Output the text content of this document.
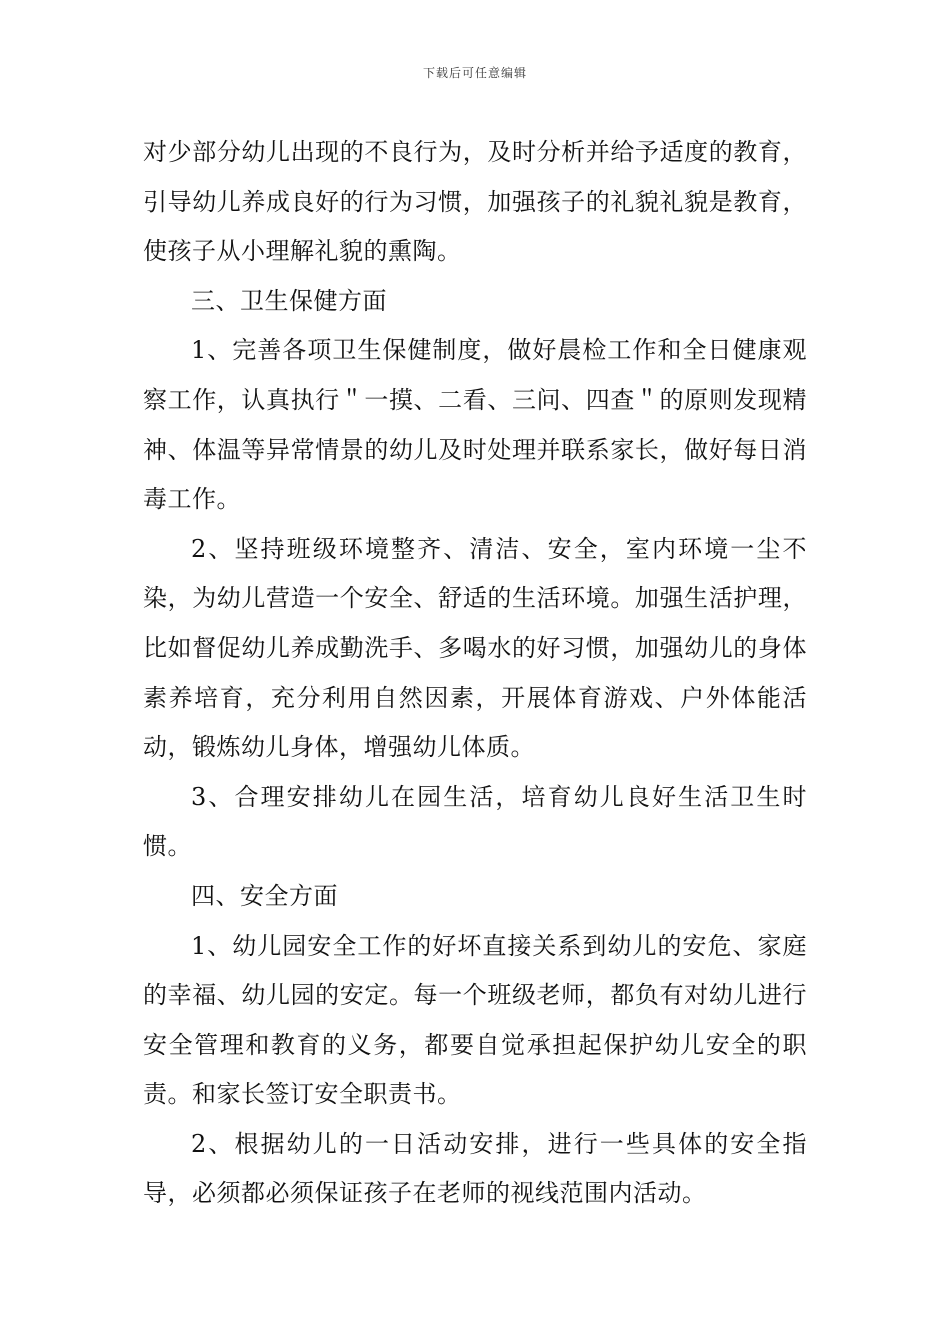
下载后可任意编辑

对少部分幼儿出现的不良行为，及时分析并给予适度的教育，引导幼儿养成良好的行为习惯，加强孩子的礼貌礼貌是教育，使孩子从小理解礼貌的熏陶。

三、卫生保健方面

1、完善各项卫生保健制度，做好晨检工作和全日健康观察工作，认真执行＂一摸、二看、三问、四查＂的原则发现精神、体温等异常情景的幼儿及时处理并联系家长，做好每日消毒工作。

2、坚持班级环境整齐、清洁、安全，室内环境一尘不染，为幼儿营造一个安全、舒适的生活环境。加强生活护理，比如督促幼儿养成勤洗手、多喝水的好习惯，加强幼儿的身体素养培育，充分利用自然因素，开展体育游戏、户外体能活动，锻炼幼儿身体，增强幼儿体质。

3、合理安排幼儿在园生活，培育幼儿良好生活卫生时惯。

四、安全方面

1、幼儿园安全工作的好坏直接关系到幼儿的安危、家庭的幸福、幼儿园的安定。每一个班级老师，都负有对幼儿进行安全管理和教育的义务，都要自觉承担起保护幼儿安全的职责。和家长签订安全职责书。

2、根据幼儿的一日活动安排，进行一些具体的安全指导，必须都必须保证孩子在老师的视线范围内活动。
